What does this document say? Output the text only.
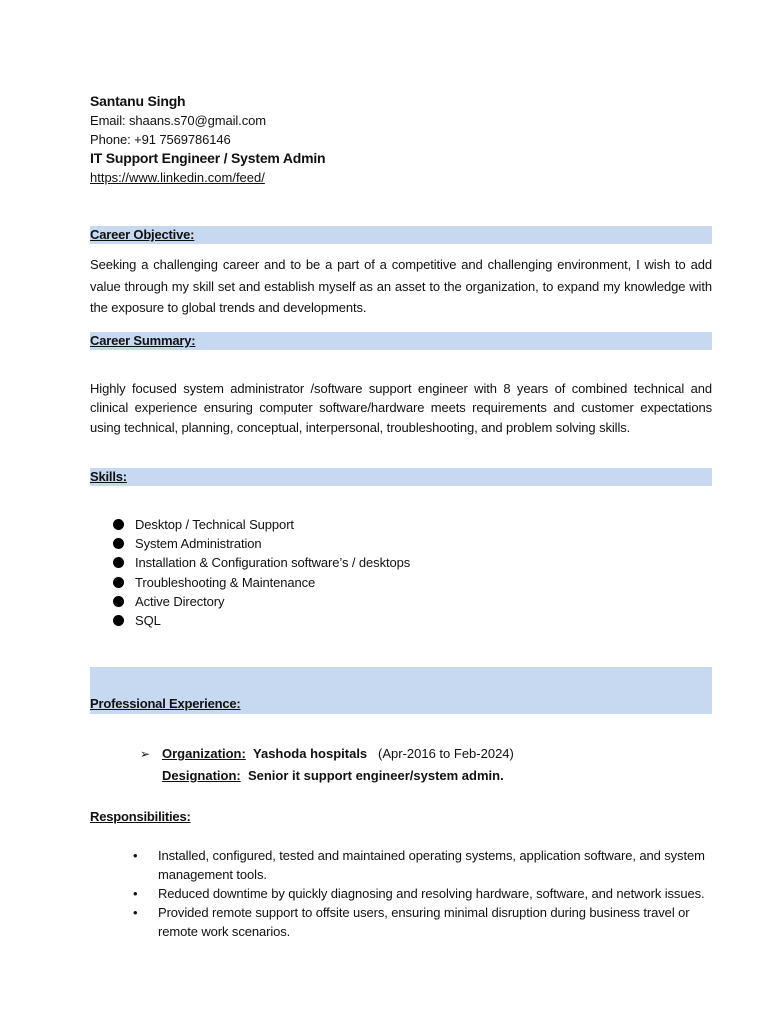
Santanu Singh
Email: shaans.s70@gmail.com
Phone: +91 7569786146
IT Support Engineer / System Admin
https://www.linkedin.com/feed/
Career Objective:
Seeking a challenging career and to be a part of a competitive and challenging environment, I wish to add value through my skill set and establish myself as an asset to the organization, to expand my knowledge with the exposure to global trends and developments.
Career Summary:
Highly focused system administrator /software support engineer with 8 years of combined technical and clinical experience ensuring computer software/hardware meets requirements and customer expectations using technical, planning, conceptual, interpersonal, troubleshooting, and problem solving skills.
Skills:
Desktop / Technical Support
System Administration
Installation & Configuration software’s / desktops
Troubleshooting & Maintenance
Active Directory
SQL
Professional Experience:
➢ Organization: Yashoda hospitals (Apr-2016 to Feb-2024)
Designation: Senior it support engineer/system admin.
Responsibilities:
• Installed, configured, tested and maintained operating systems, application software, and system management tools.
• Reduced downtime by quickly diagnosing and resolving hardware, software, and network issues.
• Provided remote support to offsite users, ensuring minimal disruption during business travel or remote work scenarios.
